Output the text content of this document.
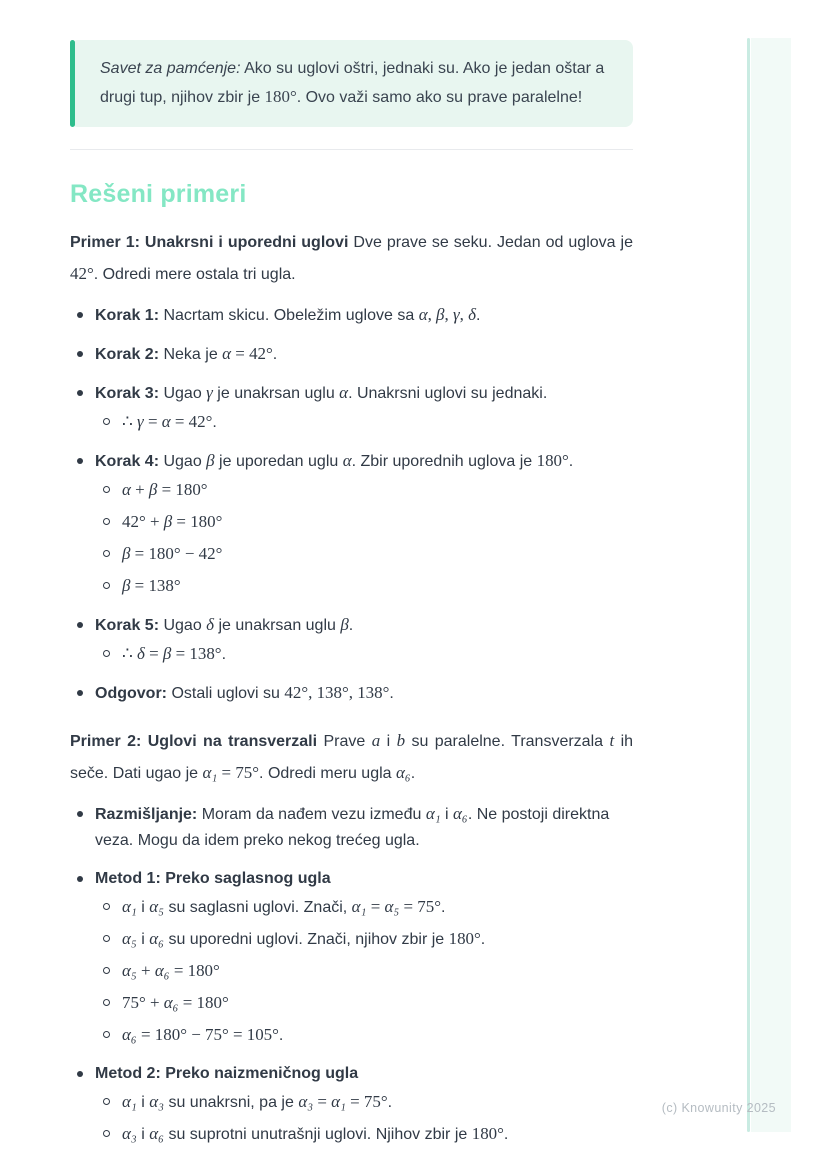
Savet za pamćenje: Ako su uglovi oštri, jednaki su. Ako je jedan oštar a drugi tup, njihov zbir je 180°. Ovo važi samo ako su prave paralelne!
Rešeni primeri
Primer 1: Unakrsni i uporedni uglovi Dve prave se seku. Jedan od uglova je 42°. Odredi mere ostala tri ugla.
Korak 1: Nacrtam skicu. Obeležim uglove sa α, β, γ, δ.
Korak 2: Neka je α = 42°.
Korak 3: Ugao γ je unakrsan uglu α. Unakrsni uglovi su jednaki.
∴ γ = α = 42°.
Korak 4: Ugao β je uporedan uglu α. Zbir uporednih uglova je 180°.
α + β = 180°
42° + β = 180°
β = 180° − 42°
β = 138°
Korak 5: Ugao δ je unakrsan uglu β.
∴ δ = β = 138°.
Odgovor: Ostali uglovi su 42°, 138°, 138°.
Primer 2: Uglovi na transverzali Prave a i b su paralelne. Transverzala t ih seče. Dati ugao je α₁ = 75°. Odredi meru ugla α₆.
Razmišljanje: Moram da nađem vezu između α₁ i α₆. Ne postoji direktna veza. Mogu da idem preko nekog trećeg ugla.
Metod 1: Preko saglasnog ugla
α₁ i α₅ su saglasni uglovi. Znači, α₁ = α₅ = 75°.
α₅ i α₆ su uporedni uglovi. Znači, njihov zbir je 180°.
α₅ + α₆ = 180°
75° + α₆ = 180°
α₆ = 180° − 75° = 105°.
Metod 2: Preko naizmeničnog ugla
α₁ i α₃ su unakrsni, pa je α₃ = α₁ = 75°.
α₃ i α₆ su suprotni unutrašnji uglovi. Njihov zbir je 180°.
(c) Knowunity 2025
